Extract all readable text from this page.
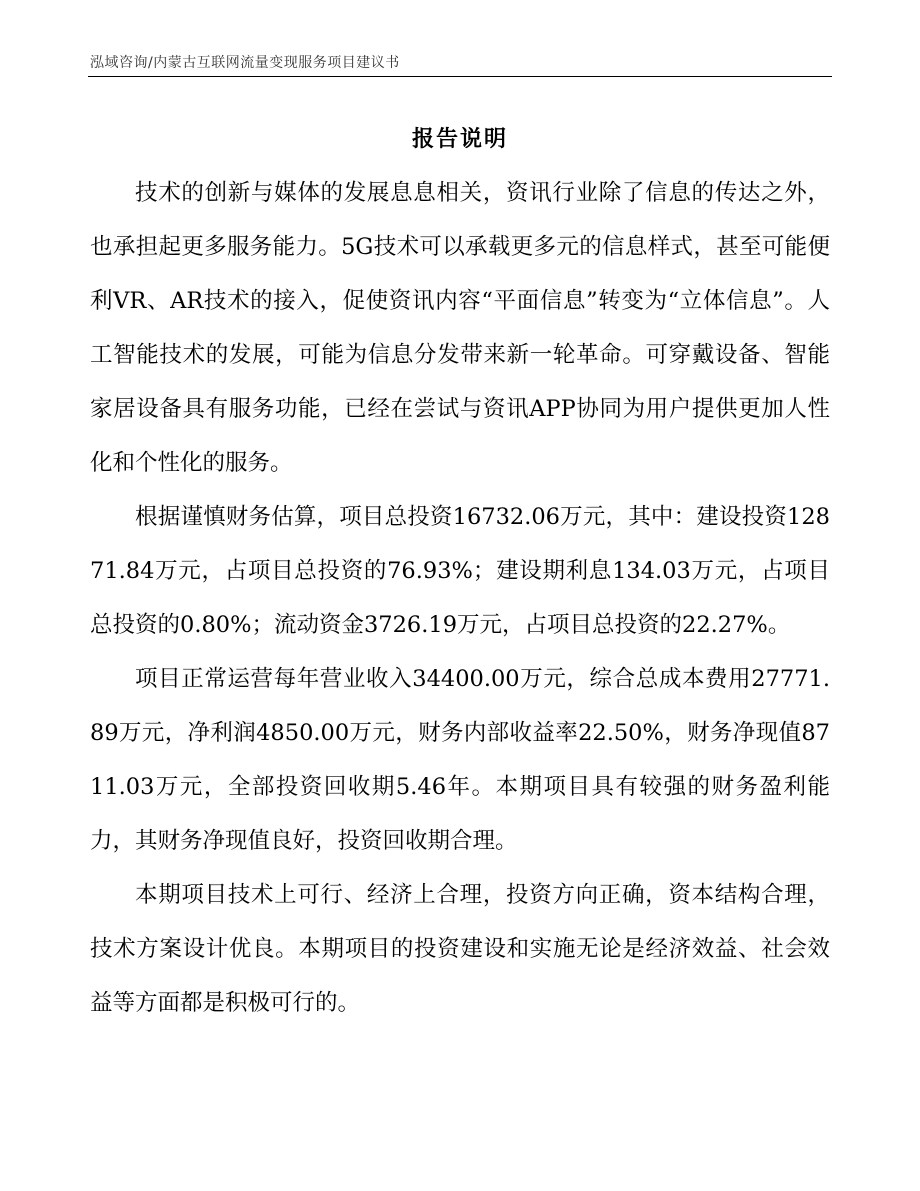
泓域咨询/内蒙古互联网流量变现服务项目建议书
报告说明

技术的创新与媒体的发展息息相关，资讯行业除了信息的传达之外，也承担起更多服务能力。5G技术可以承载更多元的信息样式，甚至可能便利VR、AR技术的接入，促使资讯内容“平面信息”转变为“立体信息”。人工智能技术的发展，可能为信息分发带来新一轮革命。可穿戴设备、智能家居设备具有服务功能，已经在尝试与资讯APP协同为用户提供更加人性化和个性化的服务。

根据谨慎财务估算，项目总投资16732.06万元，其中：建设投资12871.84万元，占项目总投资的76.93%；建设期利息134.03万元，占项目总投资的0.80%；流动资金3726.19万元，占项目总投资的22.27%。

项目正常运营每年营业收入34400.00万元，综合总成本费用27771.89万元，净利润4850.00万元，财务内部收益率22.50%，财务净现值8711.03万元，全部投资回收期5.46年。本期项目具有较强的财务盈利能力，其财务净现值良好，投资回收期合理。

本期项目技术上可行、经济上合理，投资方向正确，资本结构合理，技术方案设计优良。本期项目的投资建设和实施无论是经济效益、社会效益等方面都是积极可行的。
